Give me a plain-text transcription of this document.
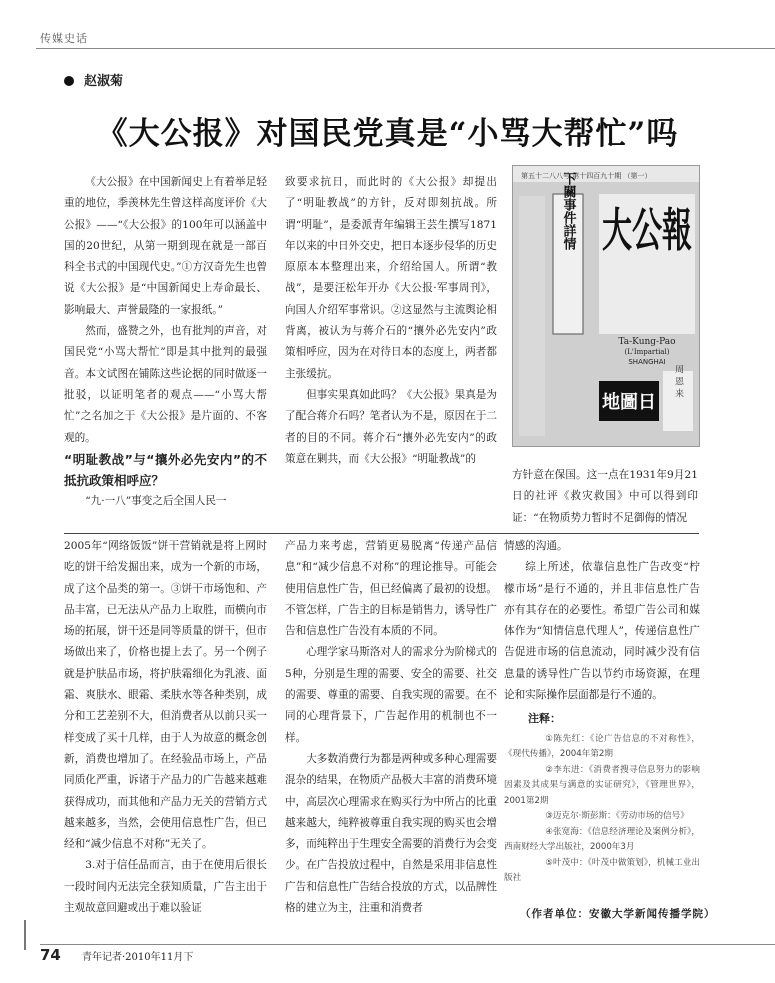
传媒史话
赵淑菊
《大公报》对国民党真是“小骂大帮忙”吗

《大公报》在中国新闻史上有着举足轻重的地位，季羡林先生曾这样高度评价《大公报》——“《大公报》的100年可以涵盖中国的20世纪，从第一期到现在就是一部百科全书式的中国现代史。”①方汉奇先生也曾说《大公报》是“中国新闻史上寿命最长、影响最大、声誉最隆的一家报纸。”

然而，盛赞之外，也有批判的声音，对国民党“小骂大帮忙”即是其中批判的最强音。本文试图在铺陈这些论据的同时做逐一批驳，以证明笔者的观点——“小骂大帮忙”之名加之于《大公报》是片面的、不客观的。

“明耻教战”与“攘外必先安内”的不抵抗政策相呼应？

“九·一八”事变之后全国人民一

致要求抗日，而此时的《大公报》却提出了“明耻教战”的方针，反对即刻抗战。所谓“明耻”，是委派青年编辑王芸生撰写1871年以来的中日外交史，把日本逐步侵华的历史原原本本整理出来，介绍给国人。所谓“教战”，是要汪松年开办《大公报·军事周刊》，向国人介绍军事常识。②这显然与主流舆论相背离，被认为与蒋介石的“攘外必先安内”政策相呼应，因为在对待日本的态度上，两者都主张缓抗。

但事实果真如此吗？《大公报》果真是为了配合蒋介石吗？笔者认为不是，原因在于二者的目的不同。蒋介石“攘外必先安内”的政策意在剿共，而《大公报》“明耻教战”的

第五十二八八号 第十四百九十期 （第一）
下關事件詳情 大公報
Ta-Kung-Pao
(L'Impartial)
SHANGHAI
周 恩 来
地圖日

方针意在保国。这一点在1931年9月21日的社评《救灾救国》中可以得到印证：“在物质势力暂时不足御侮的情况

2005年“网络饭饭”饼干营销就是将上网时吃的饼干给发掘出来，成为一个新的市场，成了这个品类的第一。③饼干市场饱和、产品丰富，已无法从产品力上取胜，而横向市场的拓展，饼干还是同等质量的饼干，但市场做出来了，价格也提上去了。另一个例子就是护肤品市场，将护肤霜细化为乳液、面霜、爽肤水、眼霜、柔肤水等各种类别，成分和工艺差别不大，但消费者从以前只买一样变成了买十几样，由于人为故意的概念创新，消费也增加了。在经验品市场上，产品同质化严重，诉诸于产品力的广告越来越难获得成功，而其他和产品力无关的营销方式越来越多，当然，会使用信息性广告，但已经和“减少信息不对称”无关了。

3.对于信任品而言，由于在使用后很长一段时间内无法完全获知质量，广告主出于主观故意回避或出于难以验证

产品力来考虑，营销更易脱离“传递产品信息”和“减少信息不对称”的理论推导。可能会使用信息性广告，但已经偏离了最初的设想。不管怎样，广告主的目标是销售力，诱导性广告和信息性广告没有本质的不同。

心理学家马斯洛对人的需求分为阶梯式的5种，分别是生理的需要、安全的需要、社交的需要、尊重的需要、自我实现的需要。在不同的心理背景下，广告起作用的机制也不一样。

大多数消费行为都是两种或多种心理需要混杂的结果，在物质产品极大丰富的消费环境中，高层次心理需求在购买行为中所占的比重越来越大，纯粹被尊重自我实现的购买也会增多，而纯粹出于生理安全需要的消费行为会变少。在广告投放过程中，自然是采用非信息性广告和信息性广告结合投放的方式，以品牌性格的建立为主，注重和消费者

情感的沟通。

综上所述，依靠信息性广告改变“柠檬市场”是行不通的，并且非信息性广告亦有其存在的必要性。希望广告公司和媒体作为“知情信息代理人”，传递信息性广告促进市场的信息流动，同时减少没有信息量的诱导性广告以节约市场资源，在理论和实际操作层面都是行不通的。

注释：

①陈先红：《论广告信息的不对称性》，《现代传播》，2004年第2期

②李东进：《消费者搜寻信息努力的影响因素及其成果与满意的实证研究》，《管理世界》，2001第2期

③迈克尔·斯彭斯：《劳动市场的信号》

④张宽海：《信息经济理论及案例分析》，西南财经大学出版社，2000年3月

⑤叶茂中：《叶茂中做策划》，机械工业出版社

（作者单位：安徽大学新闻传播学院）
74 青年记者·2010年11月下
